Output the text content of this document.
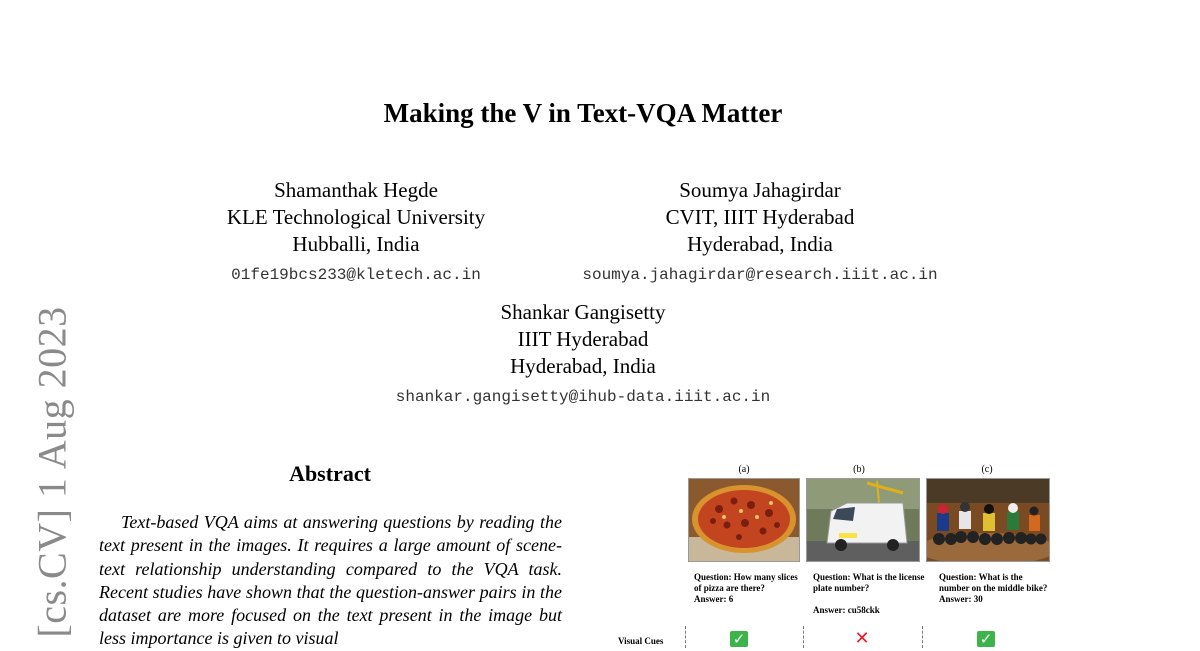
[cs.CV] 1 Aug 2023
Making the V in Text-VQA Matter
Shamanthak Hegde
KLE Technological University
Hubballi, India
01fe19bcs233@kletech.ac.in
Soumya Jahagirdar
CVIT, IIIT Hyderabad
Hyderabad, India
soumya.jahagirdar@research.iiit.ac.in
Shankar Gangisetty
IIIT Hyderabad
Hyderabad, India
shankar.gangisetty@ihub-data.iiit.ac.in
Abstract
Text-based VQA aims at answering questions by reading the text present in the images. It requires a large amount of scene-text relationship understanding compared to the VQA task. Recent studies have shown that the question-answer pairs in the dataset are more focused on the text present in the image but less importance is given to visual
(a)	(b)	(c)
Question: How many slices of pizza are there?
Answer: 6
Question: What is the license plate number?
Answer: cu58ckk
Question: What is the number on the middle bike?
Answer: 30
Visual Cues	✓	✕	✓
